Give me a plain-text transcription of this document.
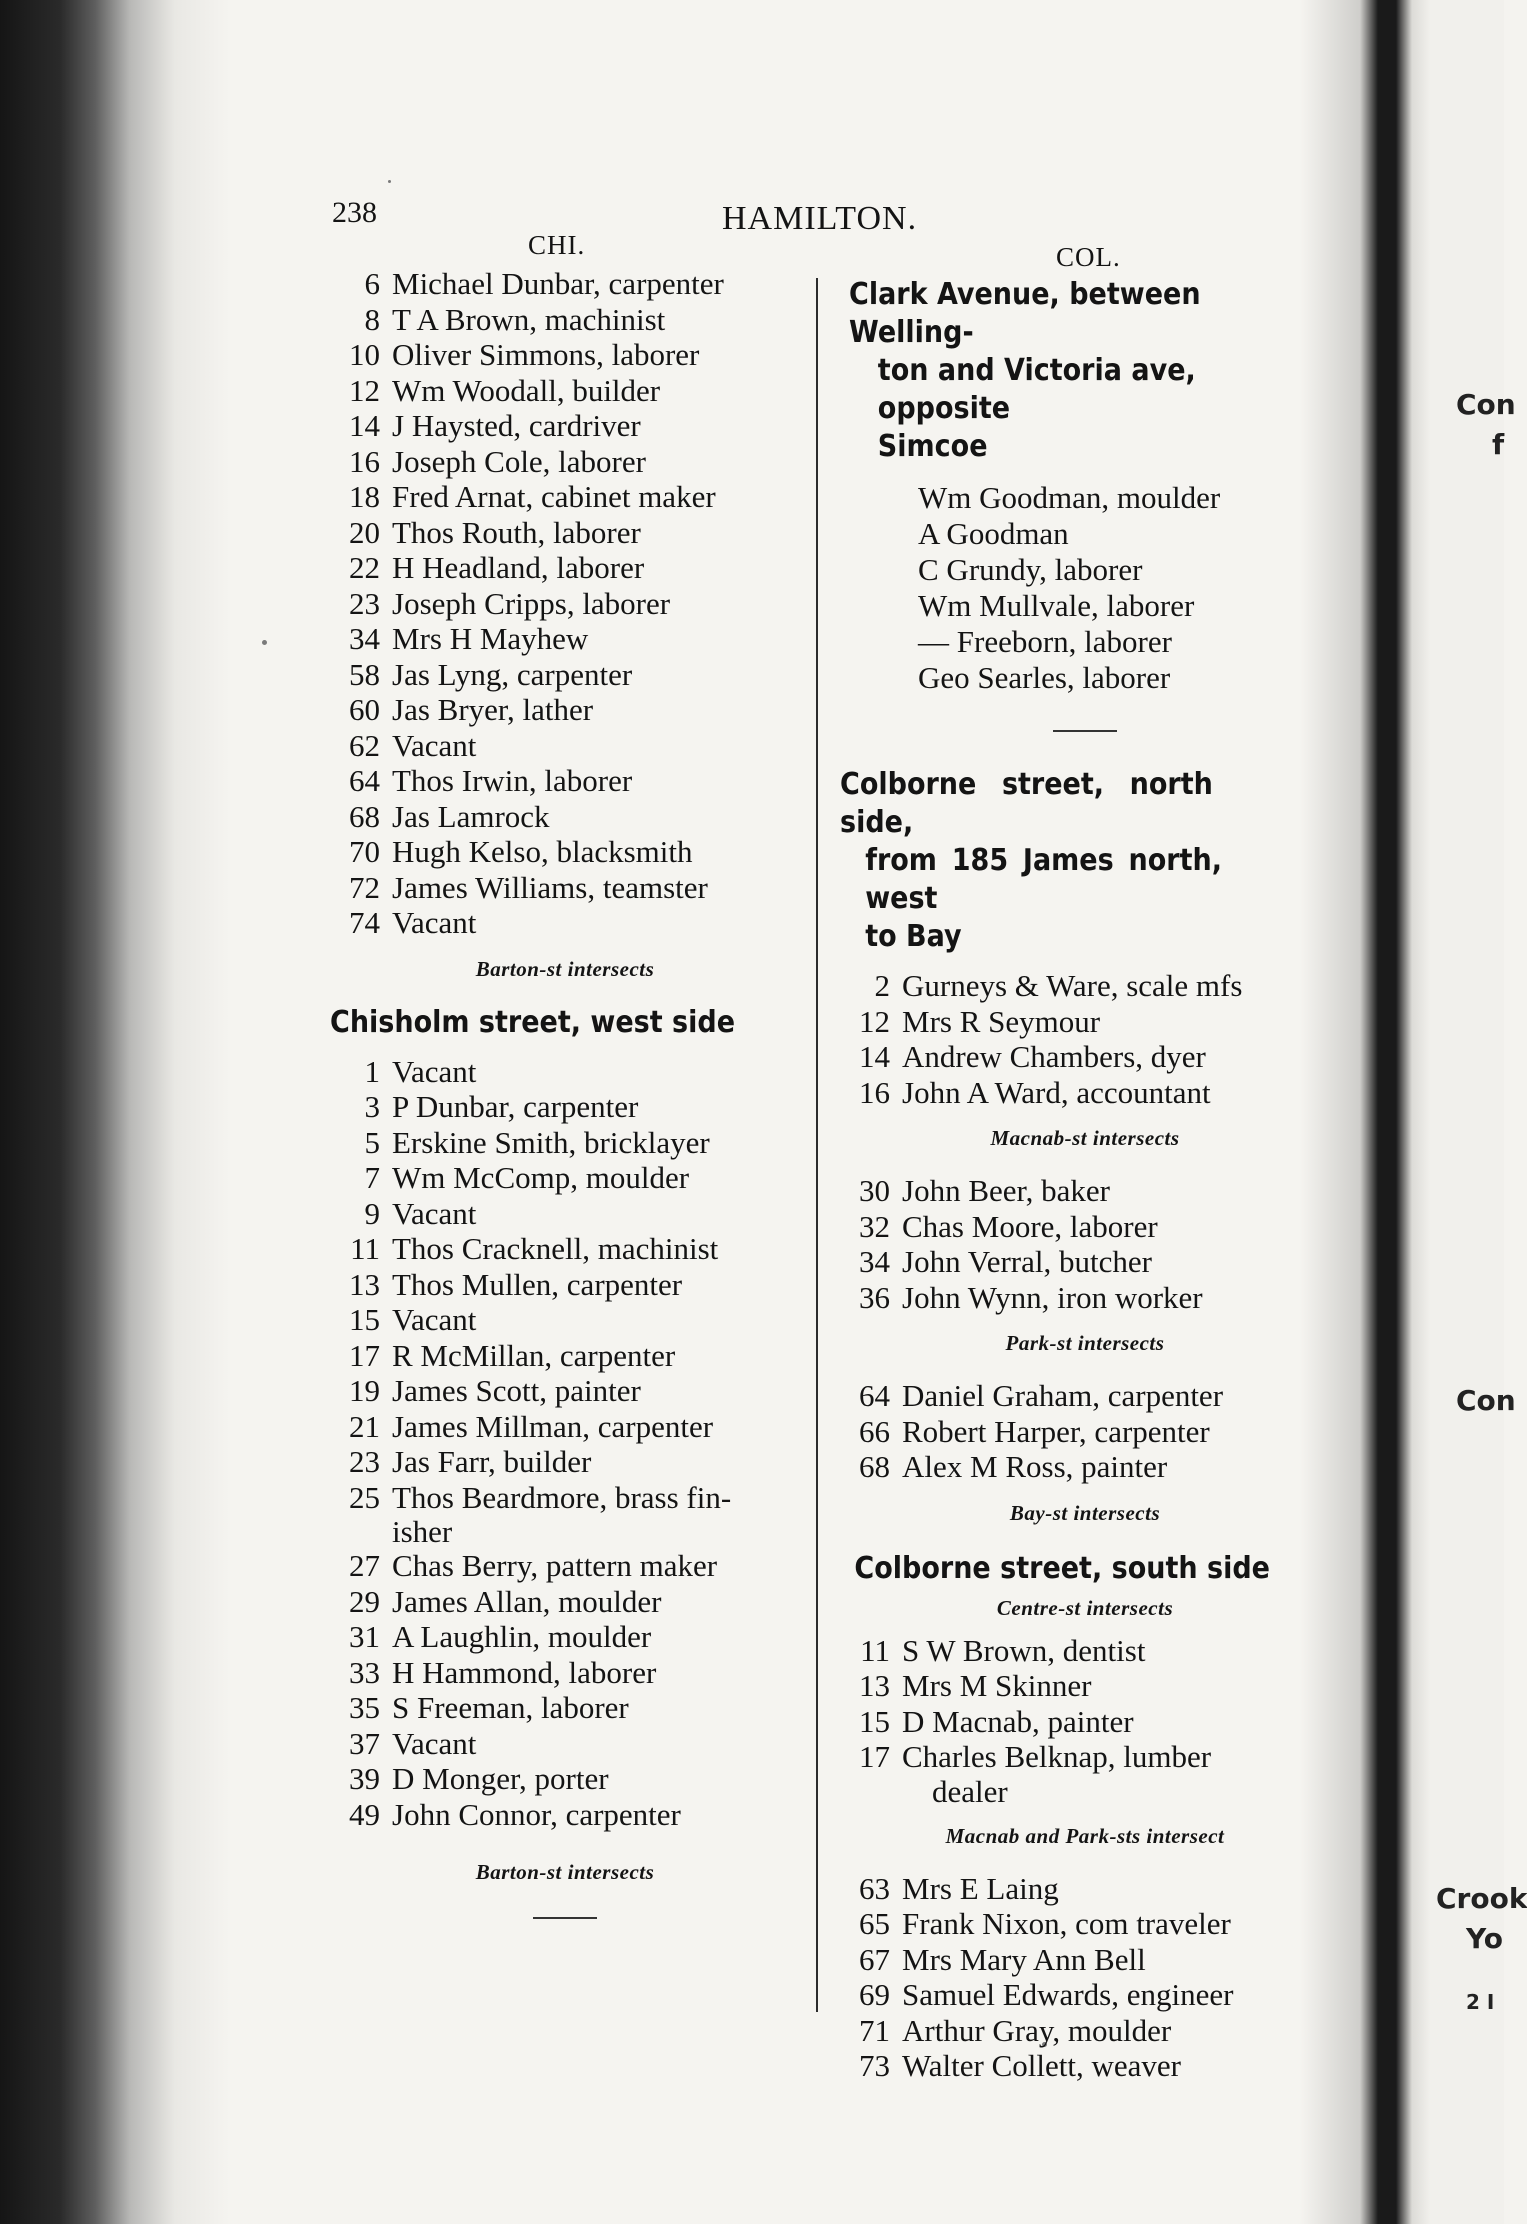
238	HAMILTON.
CHI.	COL.
6 Michael Dunbar, carpenter
8 T A Brown, machinist
10 Oliver Simmons, laborer
12 Wm Woodall, builder
14 J Haysted, cardriver
16 Joseph Cole, laborer
18 Fred Arnat, cabinet maker
20 Thos Routh, laborer
22 H Headland, laborer
23 Joseph Cripps, laborer
34 Mrs H Mayhew
58 Jas Lyng, carpenter
60 Jas Bryer, lather
62 Vacant
64 Thos Irwin, laborer
68 Jas Lamrock
70 Hugh Kelso, blacksmith
72 James Williams, teamster
74 Vacant
Barton-st intersects
Chisholm street, west side
1 Vacant
3 P Dunbar, carpenter
5 Erskine Smith, bricklayer
7 Wm McComp, moulder
9 Vacant
11 Thos Cracknell, machinist
13 Thos Mullen, carpenter
15 Vacant
17 R McMillan, carpenter
19 James Scott, painter
21 James Millman, carpenter
23 Jas Farr, builder
25 Thos Beardmore, brass fin-
isher
27 Chas Berry, pattern maker
29 James Allan, moulder
31 A Laughlin, moulder
33 H Hammond, laborer
35 S Freeman, laborer
37 Vacant
39 D Monger, porter
49 John Connor, carpenter
Barton-st intersects
Clark Avenue, between Welling-
ton and Victoria ave, opposite
Simcoe
Wm Goodman, moulder
A Goodman
C Grundy, laborer
Wm Mullvale, laborer
— Freeborn, laborer
Geo Searles, laborer
Colborne street, north side,
from 185 James north, west
to Bay
2 Gurneys & Ware, scale mfs
12 Mrs R Seymour
14 Andrew Chambers, dyer
16 John A Ward, accountant
Macnab-st intersects
30 John Beer, baker
32 Chas Moore, laborer
34 John Verral, butcher
36 John Wynn, iron worker
Park-st intersects
64 Daniel Graham, carpenter
66 Robert Harper, carpenter
68 Alex M Ross, painter
Bay-st intersects
Colborne street, south side
Centre-st intersects
11 S W Brown, dentist
13 Mrs M Skinner
15 D Macnab, painter
17 Charles Belknap, lumber
dealer
Macnab and Park-sts intersect
63 Mrs E Laing
65 Frank Nixon, com traveler
67 Mrs Mary Ann Bell
69 Samuel Edwards, engineer
71 Arthur Gray, moulder
73 Walter Collett, weaver
Con
f
Con
Crook
Yo
2 I
